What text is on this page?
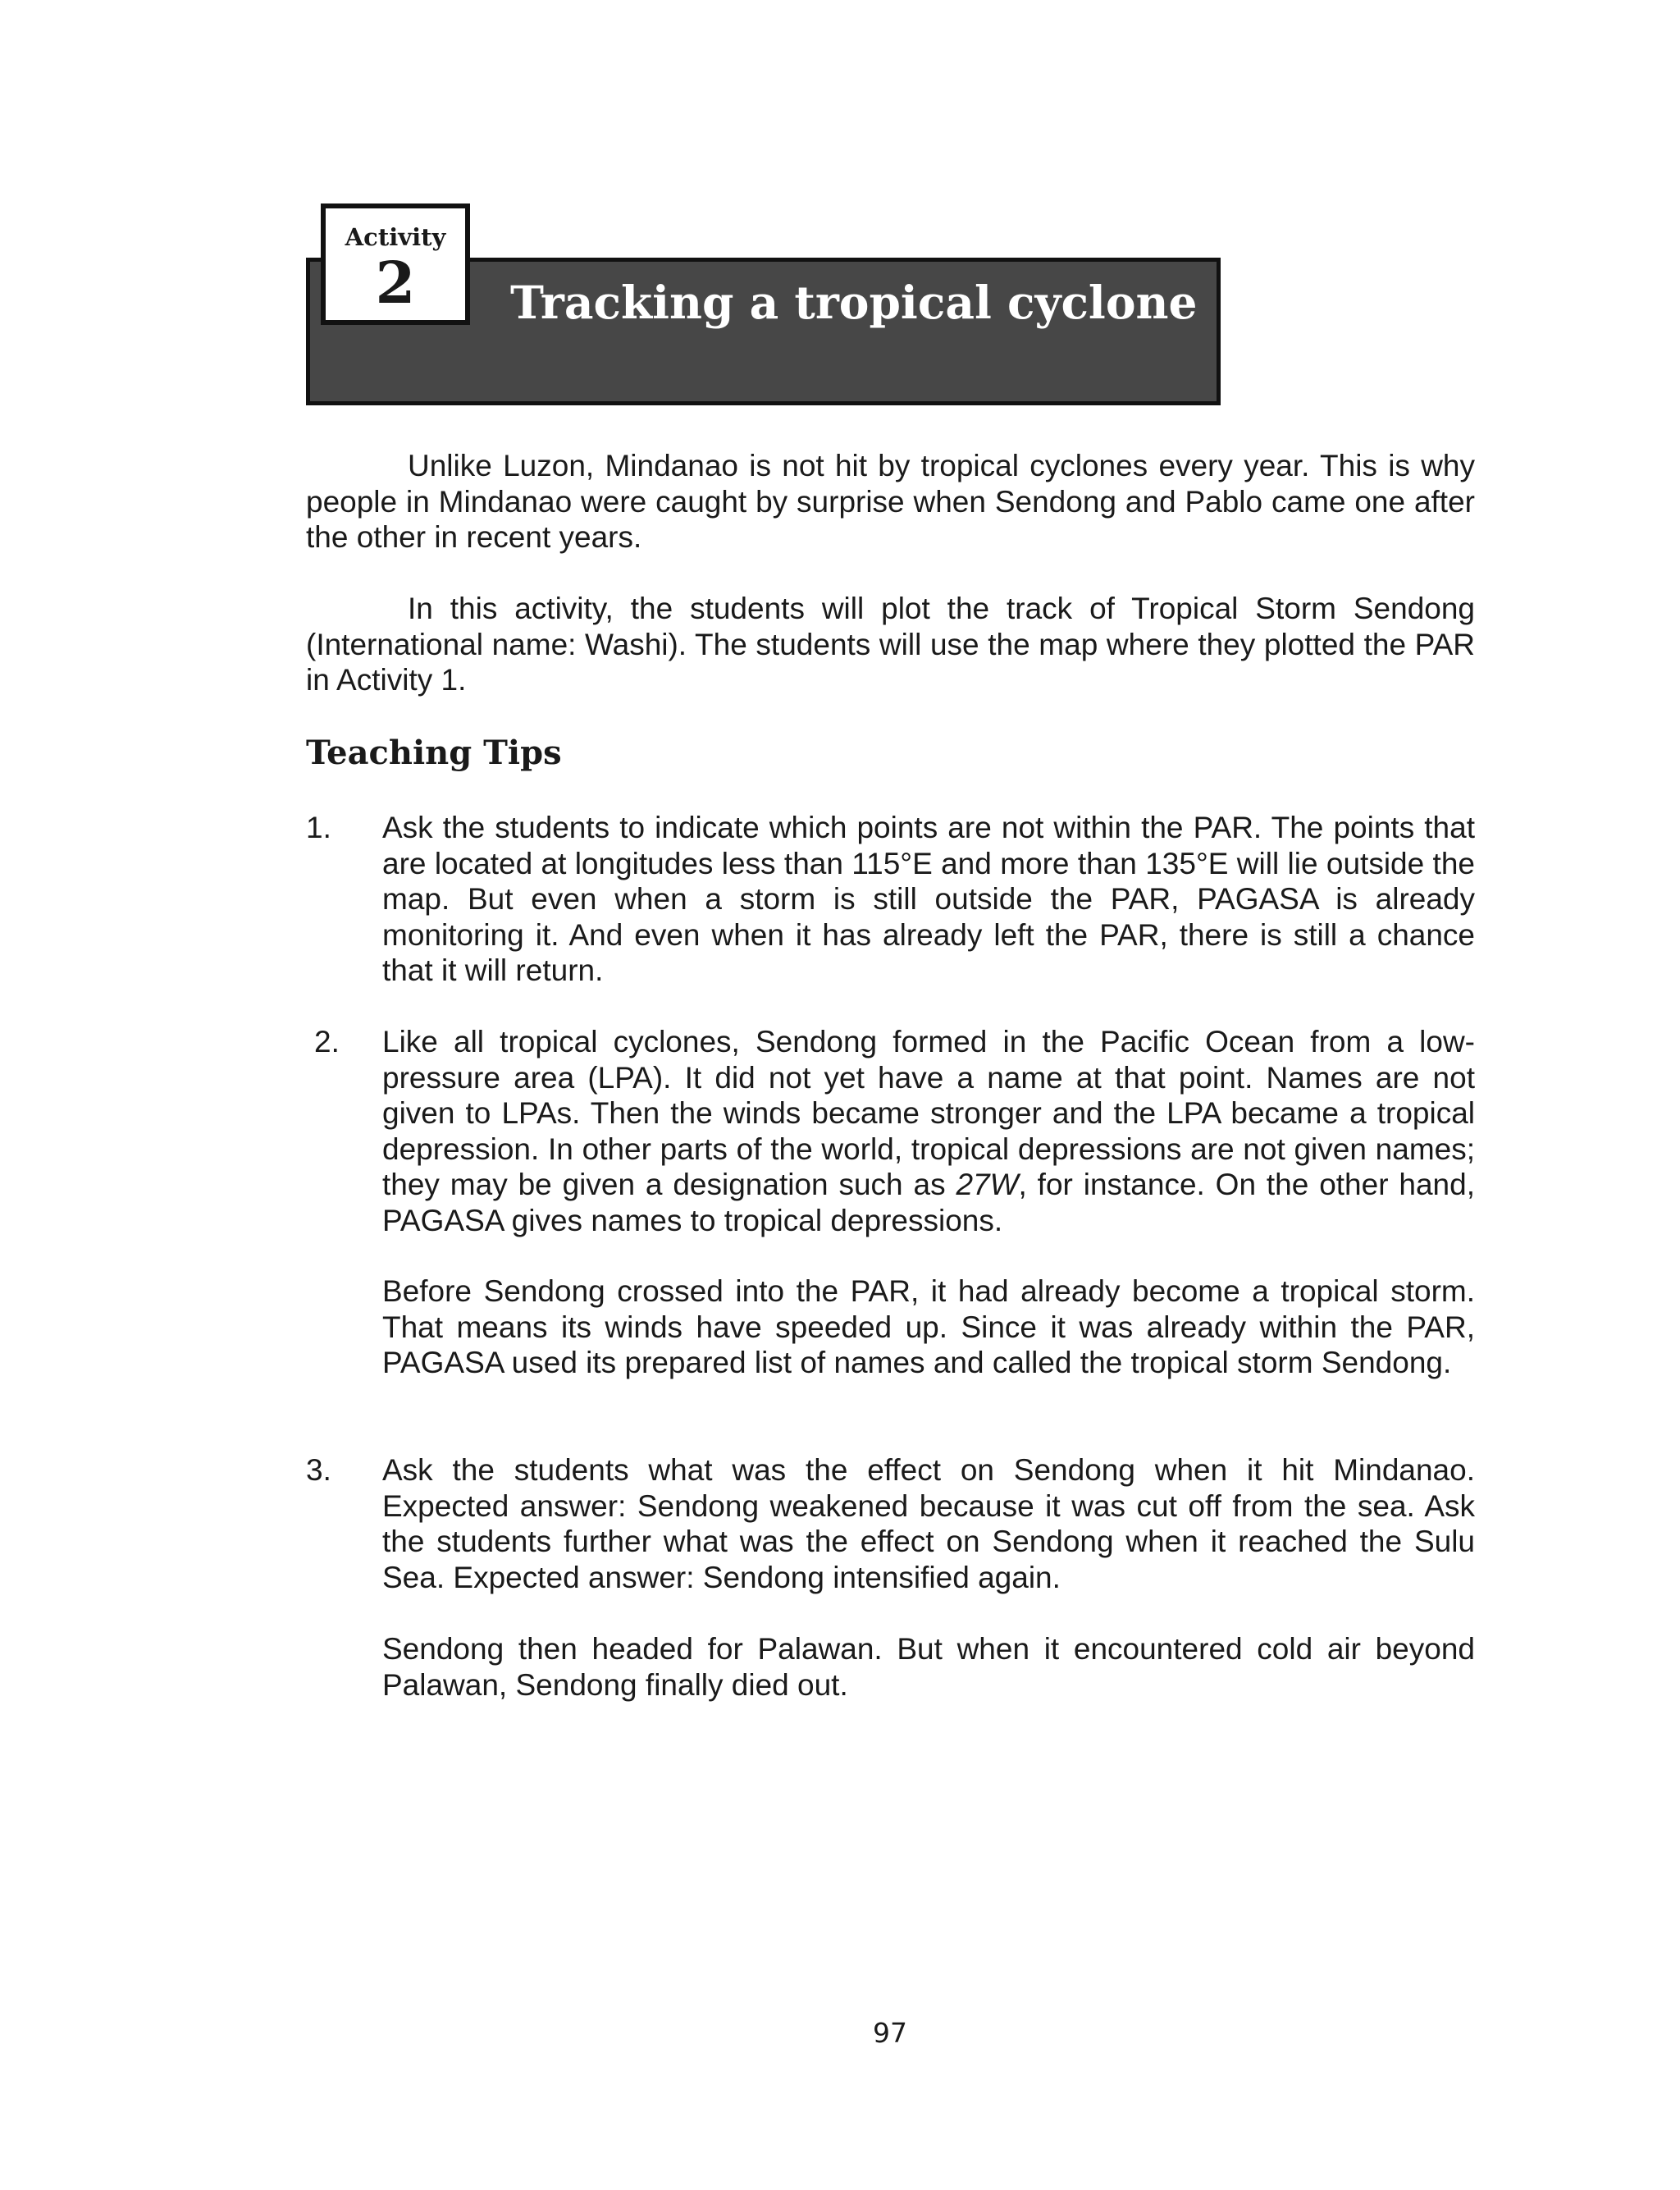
Activity
2	Tracking a tropical cyclone
Unlike Luzon, Mindanao is not hit by tropical cyclones every year. This is why people in Mindanao were caught by surprise when Sendong and Pablo came one after the other in recent years.
In this activity, the students will plot the track of Tropical Storm Sendong (International name: Washi). The students will use the map where they plotted the PAR in Activity 1.
Teaching Tips
1. Ask the students to indicate which points are not within the PAR. The points that are located at longitudes less than 115°E and more than 135°E will lie outside the map. But even when a storm is still outside the PAR, PAGASA is already monitoring it. And even when it has already left the PAR, there is still a chance that it will return.
2. Like all tropical cyclones, Sendong formed in the Pacific Ocean from a low-pressure area (LPA). It did not yet have a name at that point. Names are not given to LPAs. Then the winds became stronger and the LPA became a tropical depression. In other parts of the world, tropical depressions are not given names; they may be given a designation such as 27W, for instance. On the other hand, PAGASA gives names to tropical depressions.
Before Sendong crossed into the PAR, it had already become a tropical storm. That means its winds have speeded up. Since it was already within the PAR, PAGASA used its prepared list of names and called the tropical storm Sendong.
3. Ask the students what was the effect on Sendong when it hit Mindanao. Expected answer: Sendong weakened because it was cut off from the sea. Ask the students further what was the effect on Sendong when it reached the Sulu Sea. Expected answer: Sendong intensified again.
Sendong then headed for Palawan. But when it encountered cold air beyond Palawan, Sendong finally died out.
97
